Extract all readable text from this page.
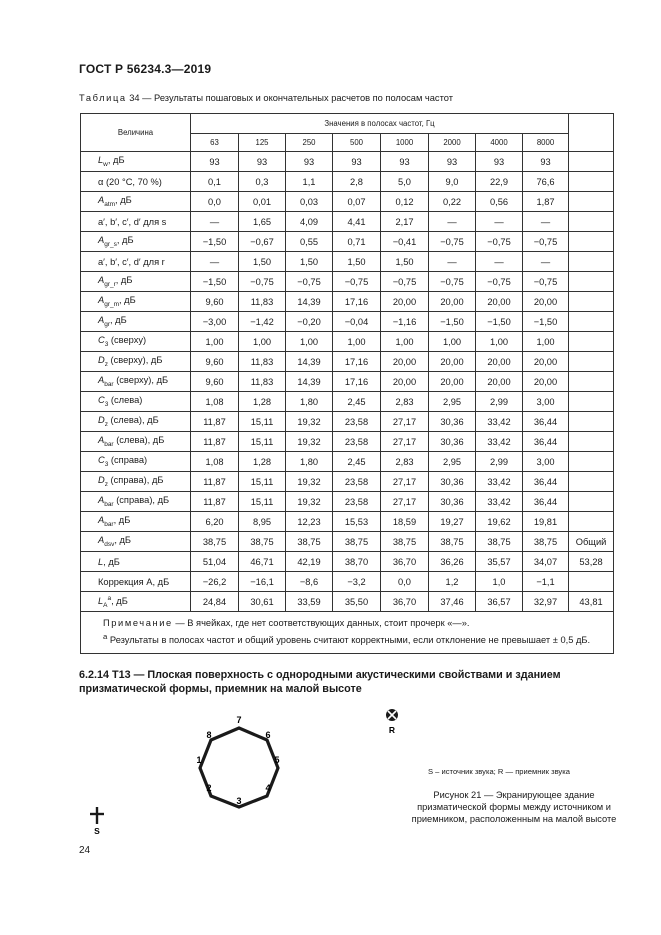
ГОСТ Р 56234.3—2019
Таблица 34 — Результаты пошаговых и окончательных расчетов по полосам частот
Величина	Значения в полосах частот, Гц								
	63	125	250	500	1000	2000	4000	8000	
$L_w$, дБ	93	93	93	93	93	93	93	93	
α (20 °C, 70 %)	0,1	0,3	1,1	2,8	5,0	9,0	22,9	76,6	
$A_{atm}$, дБ	0,0	0,01	0,03	0,07	0,12	0,22	0,56	1,87	
a′, b′, c′, d′ для s	—	1,65	4,09	4,41	2,17	—	—	—	
$A_{gr\_s}$, дБ	−1,50	−0,67	0,55	0,71	−0,41	−0,75	−0,75	−0,75	
a′, b′, c′, d′ для r	—	1,50	1,50	1,50	1,50	—	—	—	
$A_{gr\_r}$, дБ	−1,50	−0,75	−0,75	−0,75	−0,75	−0,75	−0,75	−0,75	
$A_{gr\_m}$, дБ	9,60	11,83	14,39	17,16	20,00	20,00	20,00	20,00	
$A_{gr}$, дБ	−3,00	−1,42	−0,20	−0,04	−1,16	−1,50	−1,50	−1,50	
$C_3$ (сверху)	1,00	1,00	1,00	1,00	1,00	1,00	1,00	1,00	
$D_z$ (сверху), дБ	9,60	11,83	14,39	17,16	20,00	20,00	20,00	20,00	
$A_{bar}$ (сверху), дБ	9,60	11,83	14,39	17,16	20,00	20,00	20,00	20,00	
$C_3$ (слева)	1,08	1,28	1,80	2,45	2,83	2,95	2,99	3,00	
$D_z$ (слева), дБ	11,87	15,11	19,32	23,58	27,17	30,36	33,42	36,44	
$A_{bar}$ (слева), дБ	11,87	15,11	19,32	23,58	27,17	30,36	33,42	36,44	
$C_3$ (справа)	1,08	1,28	1,80	2,45	2,83	2,95	2,99	3,00	
$D_z$ (справа), дБ	11,87	15,11	19,32	23,58	27,17	30,36	33,42	36,44	
$A_{bar}$ (справа), дБ	11,87	15,11	19,32	23,58	27,17	30,36	33,42	36,44	
$A_{bar}$, дБ	6,20	8,95	12,23	15,53	18,59	19,27	19,62	19,81	
$A_{dsv}$, дБ	38,75	38,75	38,75	38,75	38,75	38,75	38,75	38,75	Общий
L, дБ	51,04	46,71	42,19	38,70	36,70	36,26	35,57	34,07	53,28
Коррекция А, дБ	−26,2	−16,1	−8,6	−3,2	0,0	1,2	1,0	−1,1	
$L_A^a$, дБ	24,84	30,61	33,59	35,50	36,70	37,46	36,57	32,97	43,81

Примечание — В ячейках, где нет соответствующих данных, стоит прочерк «—».
$^a$ Результаты в полосах частот и общий уровень считают корректными, если отклонение не превышает ± 0,5 дБ.									
6.2.14 Т13 — Плоская поверхность с однородными акустическими свойствами и зданием призматической формы, приемник на малой высоте
1
2
3
4
5
6
7
8	R
S
S – источник звука; R — приемник звука
Рисунок 21 — Экранирующее здание призматической формы между источником и приемником, расположенным на малой высоте
24
